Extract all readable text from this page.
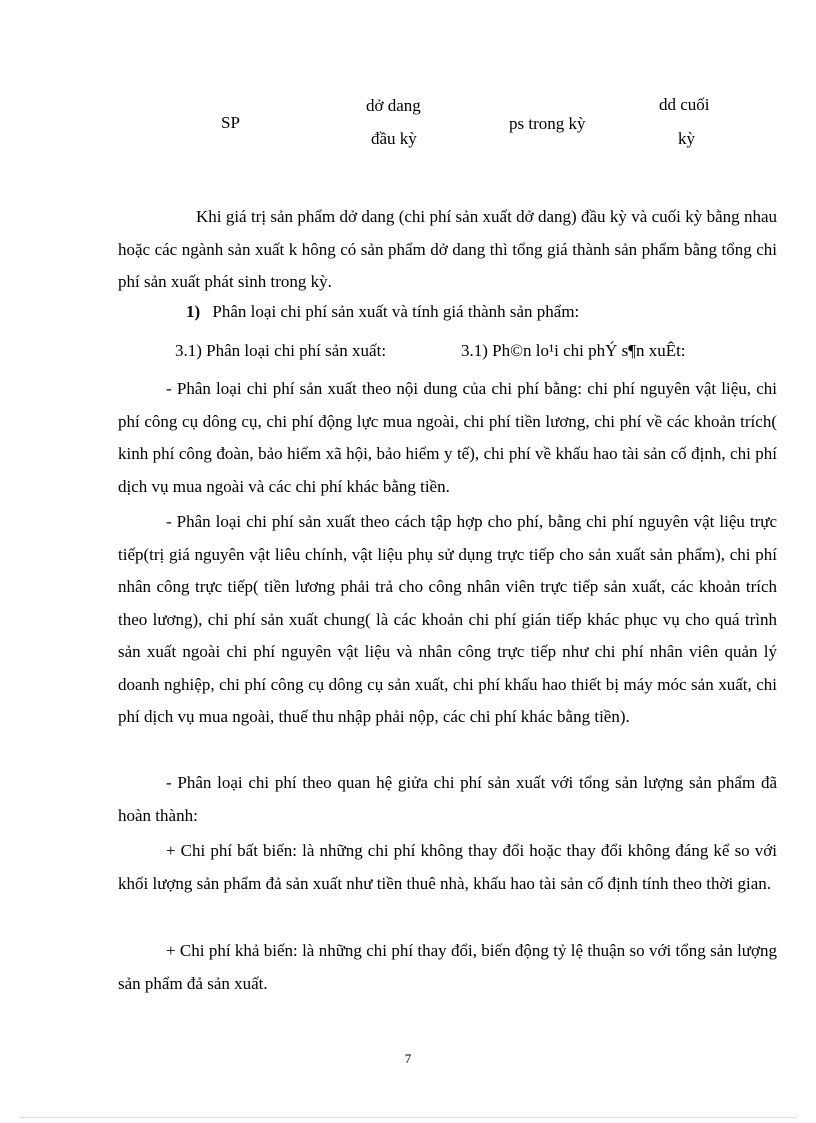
SP
dở dang
đầu kỳ
ps trong kỳ
dd cuối
kỳ

Khi giá trị sản phẩm dở dang (chi phí sản xuất dở dang) đầu kỳ và cuối kỳ bằng nhau hoặc các ngành sản xuất k hông có sản phẩm dở dang thì tổng giá thành sản phẩm bằng tổng chi phí sản xuất phát sinh trong kỳ.

1) Phân loại chi phí sản xuất và tính giá thành sản phẩm:
3.1) Phân loại chi phí sản xuất:	3.1) Ph©n lo¹i chi phÝ s¶n xuÊt:

- Phân loại chi phí sản xuất theo nội dung của chi phí bằng: chi phí nguyên vật liệu, chi phí công cụ dông cụ, chi phí động lực mua ngoài, chi phí tiền lương, chi phí về các khoản trích( kinh phí công đoàn, bảo hiểm xã hội, bảo hiểm y tế), chi phí về khấu hao tài sản cố định, chi phí dịch vụ mua ngoài và các chi phí khác bằng tiền.

- Phân loại chi phí sản xuất theo cách tập hợp cho phí, bằng chi phí nguyên vật liệu trực tiếp(trị giá nguyên vật liêu chính, vật liệu phụ sử dụng trực tiếp cho sản xuất sản phẩm), chi phí nhân công trực tiếp( tiền lương phải trả cho công nhân viên trực tiếp sản xuất, các khoản trích theo lương), chi phí sản xuất chung( là các khoản chi phí gián tiếp khác phục vụ cho quá trình sản xuất ngoài chi phí nguyên vật liệu và nhân công trực tiếp như chi phí nhân viên quản lý doanh nghiệp, chi phí công cụ dông cụ sản xuất, chi phí khấu hao thiết bị máy móc sản xuất, chi phí dịch vụ mua ngoài, thuế thu nhập phải nộp, các chi phí khác bằng tiền).

- Phân loại chi phí theo quan hệ giửa chi phí sản xuất với tổng sản lượng sản phẩm đã hoàn thành:

+ Chi phí bất biến: là những chi phí không thay đổi hoặc thay đổi không đáng kể so với khối lượng sản phẩm đả sản xuất như tiền thuê nhà, khấu hao tài sản cố định tính theo thời gian.

+ Chi phí khả biến: là những chi phí thay đổi, biến động tỷ lệ thuận so với tổng sản lượng sản phẩm đả sản xuất.

7
